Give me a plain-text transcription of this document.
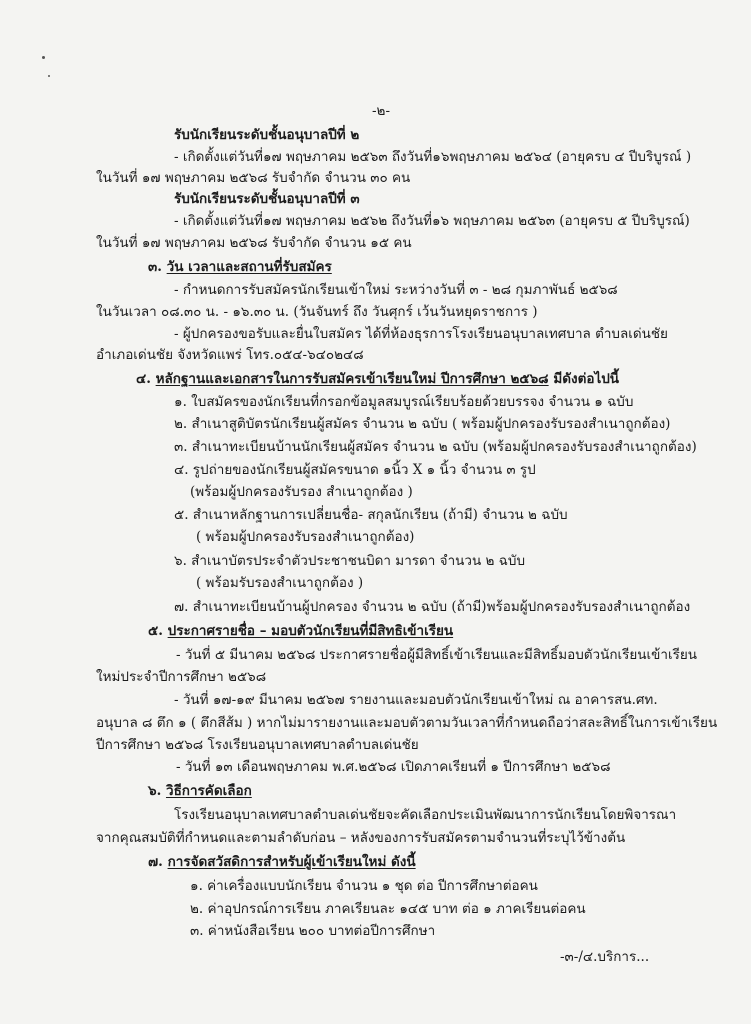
-๒-
รับนักเรียนระดับชั้นอนุบาลปีที่ ๒
- เกิดตั้งแต่วันที่๑๗ พฤษภาคม ๒๕๖๓ ถึงวันที่๑๖พฤษภาคม ๒๕๖๔ (อายุครบ ๔ ปีบริบูรณ์ )
ในวันที่ ๑๗ พฤษภาคม ๒๕๖๘ รับจำกัด จำนวน ๓๐ คน
รับนักเรียนระดับชั้นอนุบาลปีที่ ๓
- เกิดตั้งแต่วันที่๑๗ พฤษภาคม ๒๕๖๒ ถึงวันที่๑๖ พฤษภาคม ๒๕๖๓ (อายุครบ ๕ ปีบริบูรณ์)
ในวันที่ ๑๗ พฤษภาคม ๒๕๖๘ รับจำกัด จำนวน ๑๕ คน
๓. วัน เวลาและสถานที่รับสมัคร
- กำหนดการรับสมัครนักเรียนเข้าใหม่ ระหว่างวันที่ ๓ - ๒๘ กุมภาพันธ์ ๒๕๖๘
ในวันเวลา ๐๘.๓๐ น. - ๑๖.๓๐ น. (วันจันทร์ ถึง วันศุกร์ เว้นวันหยุดราชการ )
- ผู้ปกครองขอรับและยื่นใบสมัคร ได้ที่ห้องธุรการโรงเรียนอนุบาลเทศบาล ตำบลเด่นชัย
อำเภอเด่นชัย จังหวัดแพร่ โทร.๐๕๔-๖๔๐๒๔๘
๔. หลักฐานและเอกสารในการรับสมัครเข้าเรียนใหม่ ปีการศึกษา ๒๕๖๘ มีดังต่อไปนี้
๑. ใบสมัครของนักเรียนที่กรอกข้อมูลสมบูรณ์เรียบร้อยด้วยบรรจง จำนวน ๑ ฉบับ
๒. สำเนาสูติบัตรนักเรียนผู้สมัคร จำนวน ๒ ฉบับ ( พร้อมผู้ปกครองรับรองสำเนาถูกต้อง)
๓. สำเนาทะเบียนบ้านนักเรียนผู้สมัคร จำนวน ๒ ฉบับ (พร้อมผู้ปกครองรับรองสำเนาถูกต้อง)
๔. รูปถ่ายของนักเรียนผู้สมัครขนาด ๑นิ้ว X ๑ นิ้ว จำนวน ๓ รูป
(พร้อมผู้ปกครองรับรอง สำเนาถูกต้อง )
๕. สำเนาหลักฐานการเปลี่ยนชื่อ- สกุลนักเรียน (ถ้ามี) จำนวน ๒ ฉบับ
( พร้อมผู้ปกครองรับรองสำเนาถูกต้อง)
๖. สำเนาบัตรประจำตัวประชาชนบิดา มารดา จำนวน ๒ ฉบับ
( พร้อมรับรองสำเนาถูกต้อง )
๗. สำเนาทะเบียนบ้านผู้ปกครอง จำนวน ๒ ฉบับ (ถ้ามี)พร้อมผู้ปกครองรับรองสำเนาถูกต้อง
๕. ประกาศรายชื่อ – มอบตัวนักเรียนที่มีสิทธิเข้าเรียน
- วันที่ ๕ มีนาคม ๒๕๖๘ ประกาศรายชื่อผู้มีสิทธิ์เข้าเรียนและมีสิทธิ์มอบตัวนักเรียนเข้าเรียน
ใหม่ประจำปีการศึกษา ๒๕๖๘
- วันที่ ๑๗-๑๙ มีนาคม ๒๕๖๗ รายงานและมอบตัวนักเรียนเข้าใหม่ ณ อาคารสน.ศท.
อนุบาล ๘ ตึก ๑ ( ตึกสีส้ม ) หากไม่มารายงานและมอบตัวตามวันเวลาที่กำหนดถือว่าสละสิทธิ์ในการเข้าเรียน
ปีการศึกษา ๒๕๖๘ โรงเรียนอนุบาลเทศบาลตำบลเด่นชัย
- วันที่ ๑๓ เดือนพฤษภาคม พ.ศ.๒๕๖๘ เปิดภาคเรียนที่ ๑ ปีการศึกษา ๒๕๖๘
๖. วิธีการคัดเลือก
โรงเรียนอนุบาลเทศบาลตำบลเด่นชัยจะคัดเลือกประเมินพัฒนาการนักเรียนโดยพิจารณา
จากคุณสมบัติที่กำหนดและตามลำดับก่อน – หลังของการรับสมัครตามจำนวนที่ระบุไว้ข้างต้น
๗. การจัดสวัสดิการสำหรับผู้เข้าเรียนใหม่ ดังนี้
๑. ค่าเครื่องแบบนักเรียน จำนวน ๑ ชุด ต่อ ปีการศึกษาต่อคน
๒. ค่าอุปกรณ์การเรียน ภาคเรียนละ ๑๔๕ บาท ต่อ ๑ ภาคเรียนต่อคน
๓. ค่าหนังสือเรียน ๒๐๐ บาทต่อปีการศึกษา
-๓-/๔.บริการ...
